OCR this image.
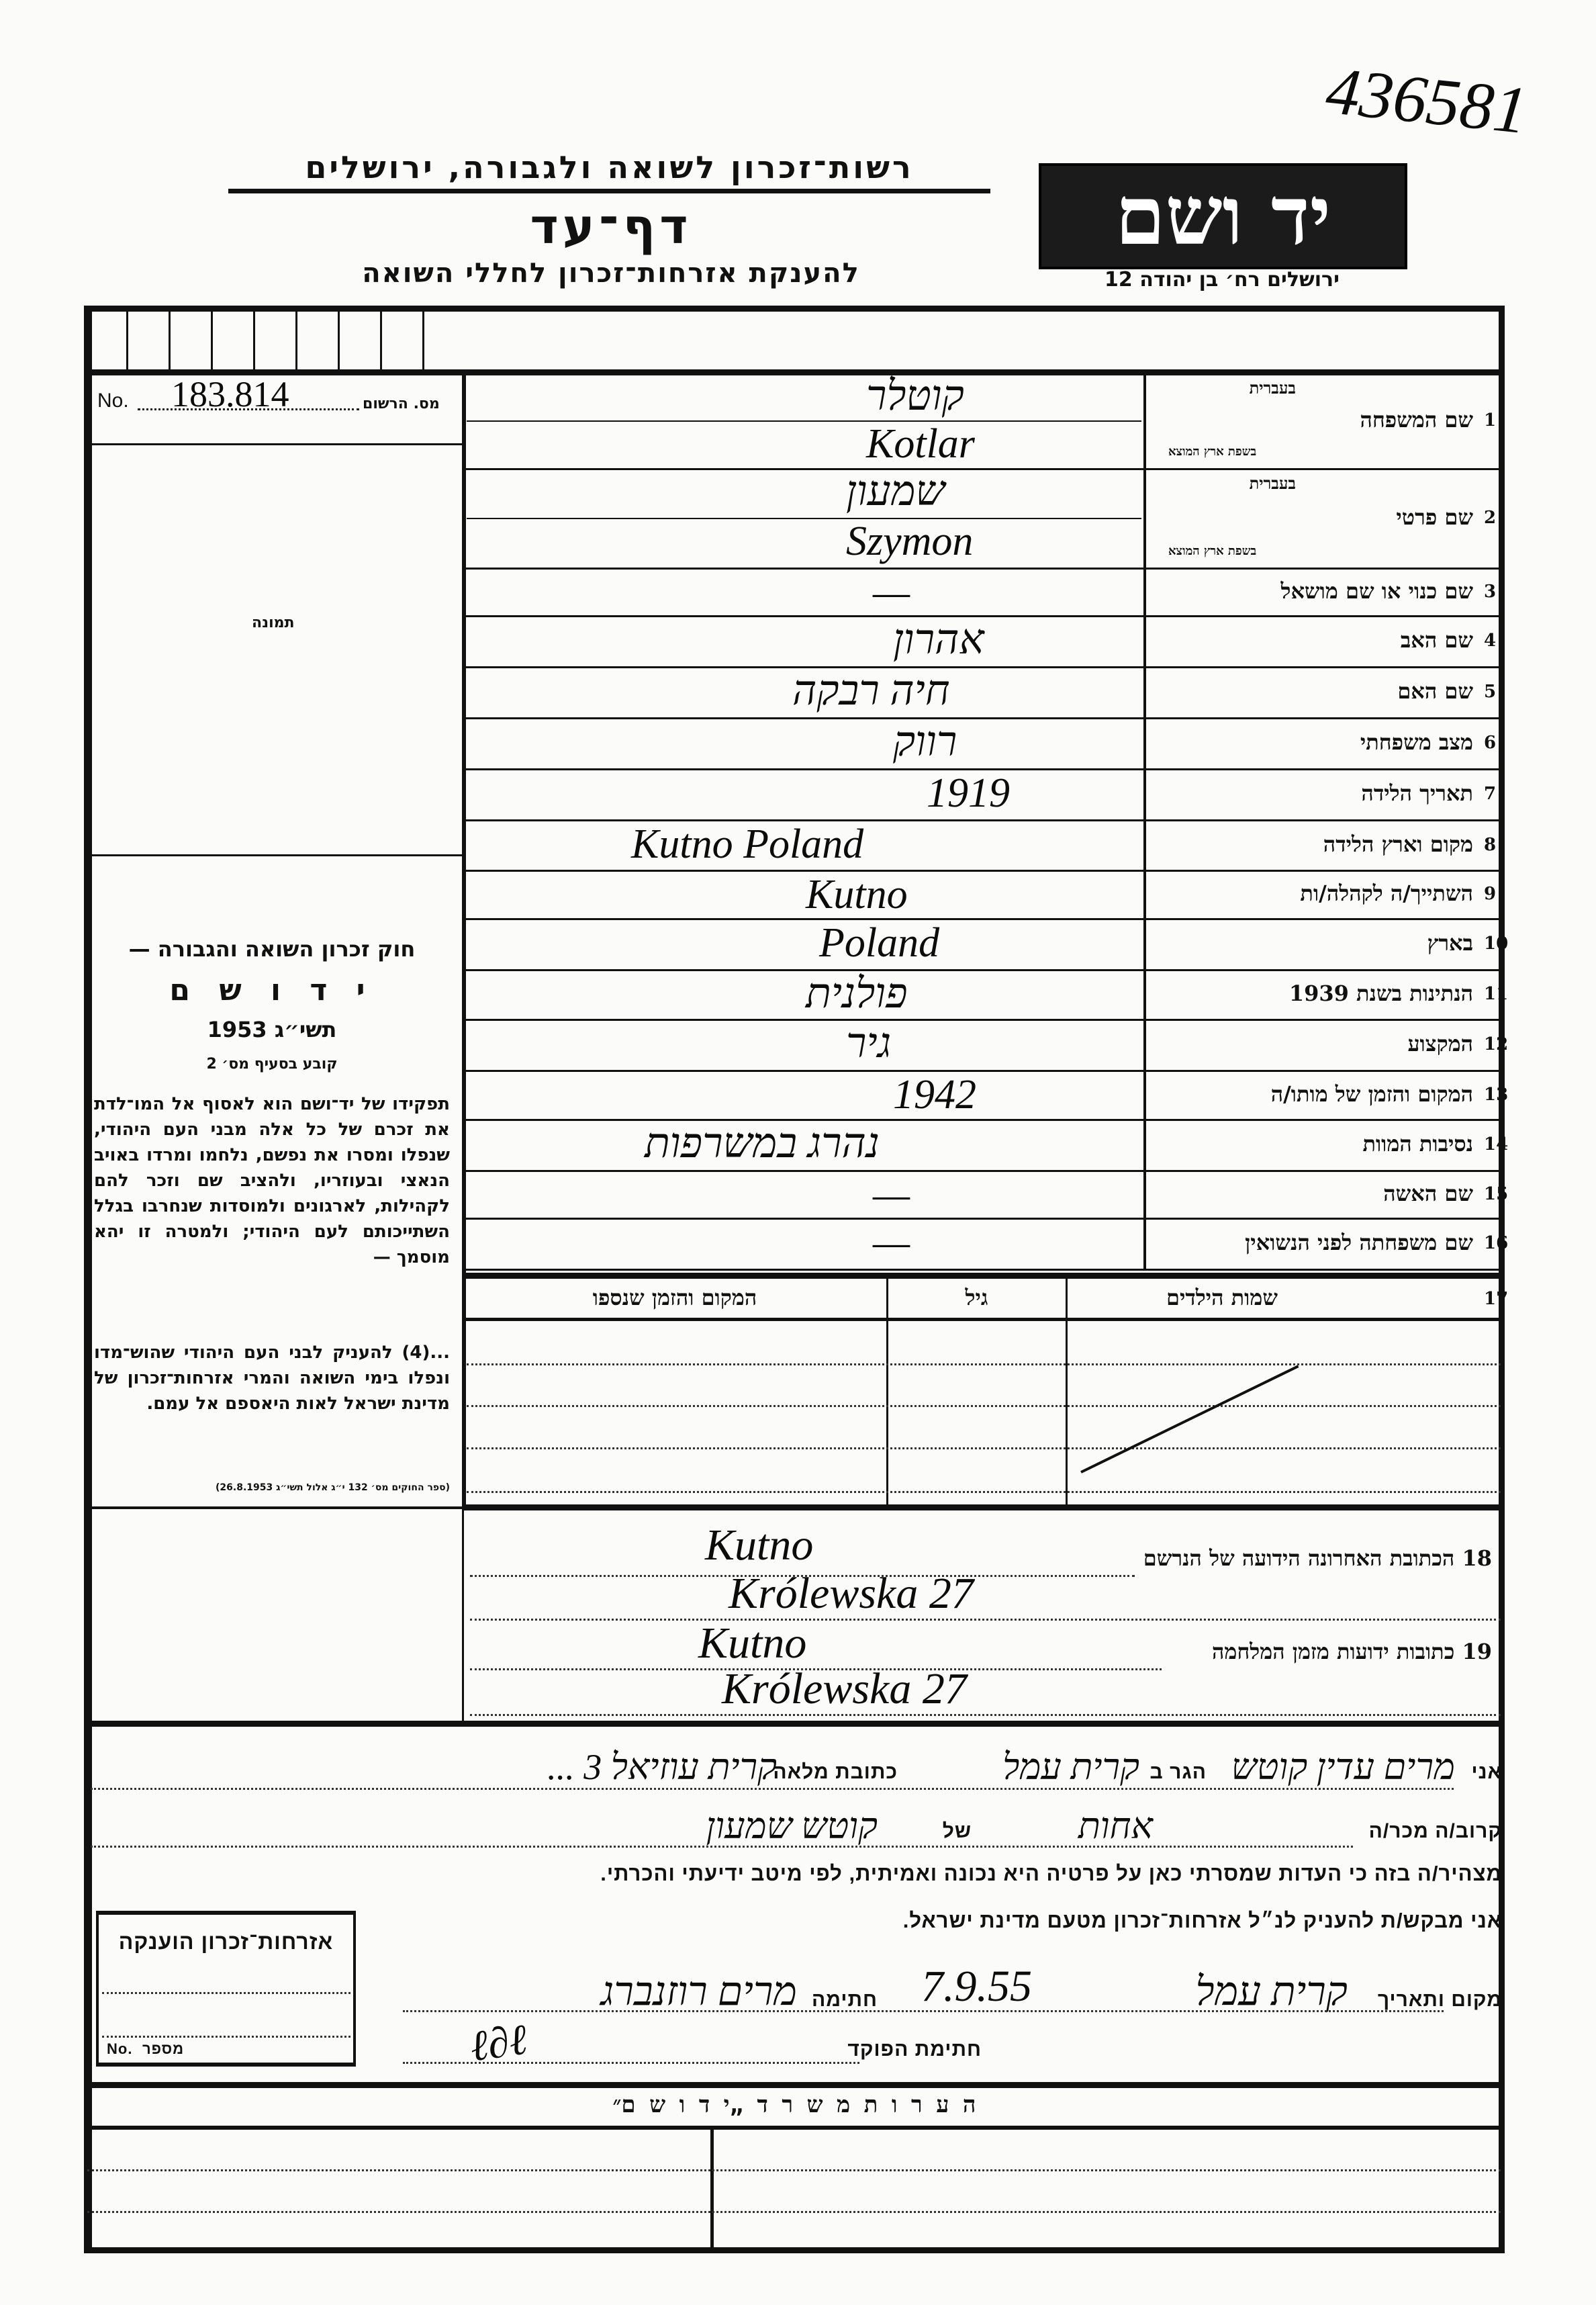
436581
רשות־זכרון לשואה ולגבורה, ירושלים
דף־עד
להענקת אזרחות־זכרון לחללי השואה
יד ושם
ירושלים רח׳ בן יהודה 12
No. 183.814	מס. הרשום
תמונה
חוק זכרון השואה והגבורה —
י ד ו ש ם
תשי״ג 1953
קובע בסעיף מס׳ 2
תפקידו של יד־ושם הוא לאסוף אל המו־לדת את זכרם של כל אלה מבני העם היהודי, שנפלו ומסרו את נפשם, נלחמו ומרדו באויב הנאצי ובעוזריו, ולהציב שם וזכר להם לקהילות, לארגונים ולמוסדות שנחרבו בגלל השתייכותם לעם היהודי; ולמטרה זו יהא מוסמך —
...(4) להעניק לבני העם היהודי שהוש־מדו ונפלו בימי השואה והמרי אזרחות־זכרון של מדינת ישראל לאות היאספם אל עמם.
(ספר החוקים מס׳ 132 י״ג אלול תשי״ג 26.8.1953)
1
שם המשפחה
בעברית
בשפת ארץ המוצא
קוטלר
Kotlar
2
שם פרטי
בעברית
בשפת ארץ המוצא
שמעון
Szymon
3
שם כנוי או שם מושאל
—
4
שם האב
אהרון
5
שם האם
חיה רבקה
6
מצב משפחתי
רווק
7
תאריך הלידה
1919
8
מקום וארץ הלידה
Kutno Poland
9
השתייך/ה לקהלה/ות
Kutno
10
בארץ
Poland
11
הנתינות בשנת 1939
פולנית
12
המקצוע
גיר
13
המקום והזמן של מותו/ה
1942
14
נסיבות המוות
נהרג במשרפות
15
שם האשה
—
16
שם משפחתה לפני הנשואין
—
17
שמות הילדים
גיל
המקום והזמן שנספו
18 הכתובת האחרונה הידועה של הנרשם
Kutno
Królewska 27
19 כתובות ידועות מזמן המלחמה
Kutno
Królewska 27
אני
מרים עדין קוטש
הגר ב
קרית עמל
כתובת מלאה
קרית עוזיאל 3 ...
קרוב/ה מכר/ה
אחות
של
קוטש שמעון
מצהיר/ה בזה כי העדות שמסרתי כאן על פרטיה היא נכונה ואמיתית, לפי מיטב ידיעתי והכרתי.
אני מבקש/ת להעניק לנ״ל אזרחות־זכרון מטעם מדינת ישראל.
מקום ותאריך
קרית עמל
7.9.55
חתימה
מרים רוזנברג
חתימת הפוקד
ℓ∂ℓ
אזרחות־זכרון הוענקה
No. מספר
ה ע ר ו ת מ ש ר ד „י ד ו ש ם״
